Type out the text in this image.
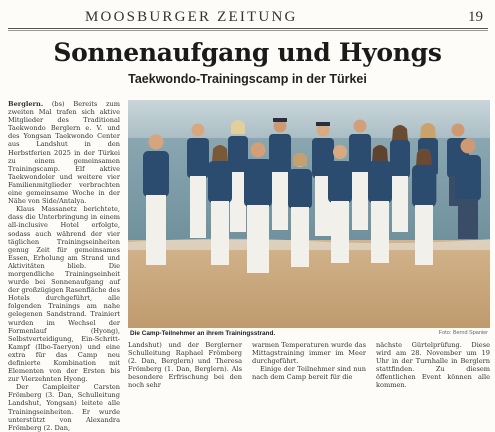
MOOSBURGER ZEITUNG	19
Sonnenaufgang und Hyongs
Taekwondo-Trainingscamp in der Türkei

Berglern. (bs) Bereits zum zweiten Mal trafen sich aktive Mitglieder des Traditional Taekwondo Berglern e. V. und des Yongsan Taekwondo Center aus Landshut in den Herbstferien 2025 in der Türkei zu einem gemeinsamen Trainingscamp. Elf aktive Taekwondoler und weitere vier Familienmitglieder verbrachten eine gemeinsame Woche in der Nähe von Side/Antalya.

Klaus Massanetz berichtete, dass die Unterbringung in einem all-inclusive Hotel erfolgte, sodass auch während der vier täglichen Trainingseinheiten genug Zeit für gemeinsames Essen, Erholung am Strand und Aktivitäten blieb. Die morgendliche Trainingseinheit wurde bei Sonnenaufgang auf der großzügigen Rasenfläche des Hotels durchgeführt, alle folgenden Trainings am nahe gelegenen Sandstrand. Trainiert wurden im Wechsel der Formenlauf (Hyong), Selbstverteidigung, Ein-Schritt-Kampf (Ilbo-Taeryon) und eine extra für das Camp neu definierte Kombination mit Elementen von der Ersten bis zur Vierzehnten Hyong.

Der Campleiter Carsten Frömberg (3. Dan, Schulleitung Landshut, Yongsan) leitete alle Trainingseinheiten. Er wurde unterstützt von Alexandra Frömberg (2. Dan,

Die Camp-Teilnehmer an ihrem Trainingsstrand.	Foto: Bernd Spanier

Landshut) und der Berglerner Schulleitung Raphael Frömberg (2. Dan, Berglern) und Theresa Frömberg (1. Dan, Berglern). Als besondere Erfrischung bei den noch sehr

warmen Temperaturen wurde das Mittagstraining immer im Meer durchgeführt.

Einige der Teilnehmer sind nun nach dem Camp bereit für die

nächste Gürtelprüfung. Diese wird am 28. November um 19 Uhr in der Turnhalle in Berglern stattfinden. Zu diesem öffentlichen Event können alle kommen.
